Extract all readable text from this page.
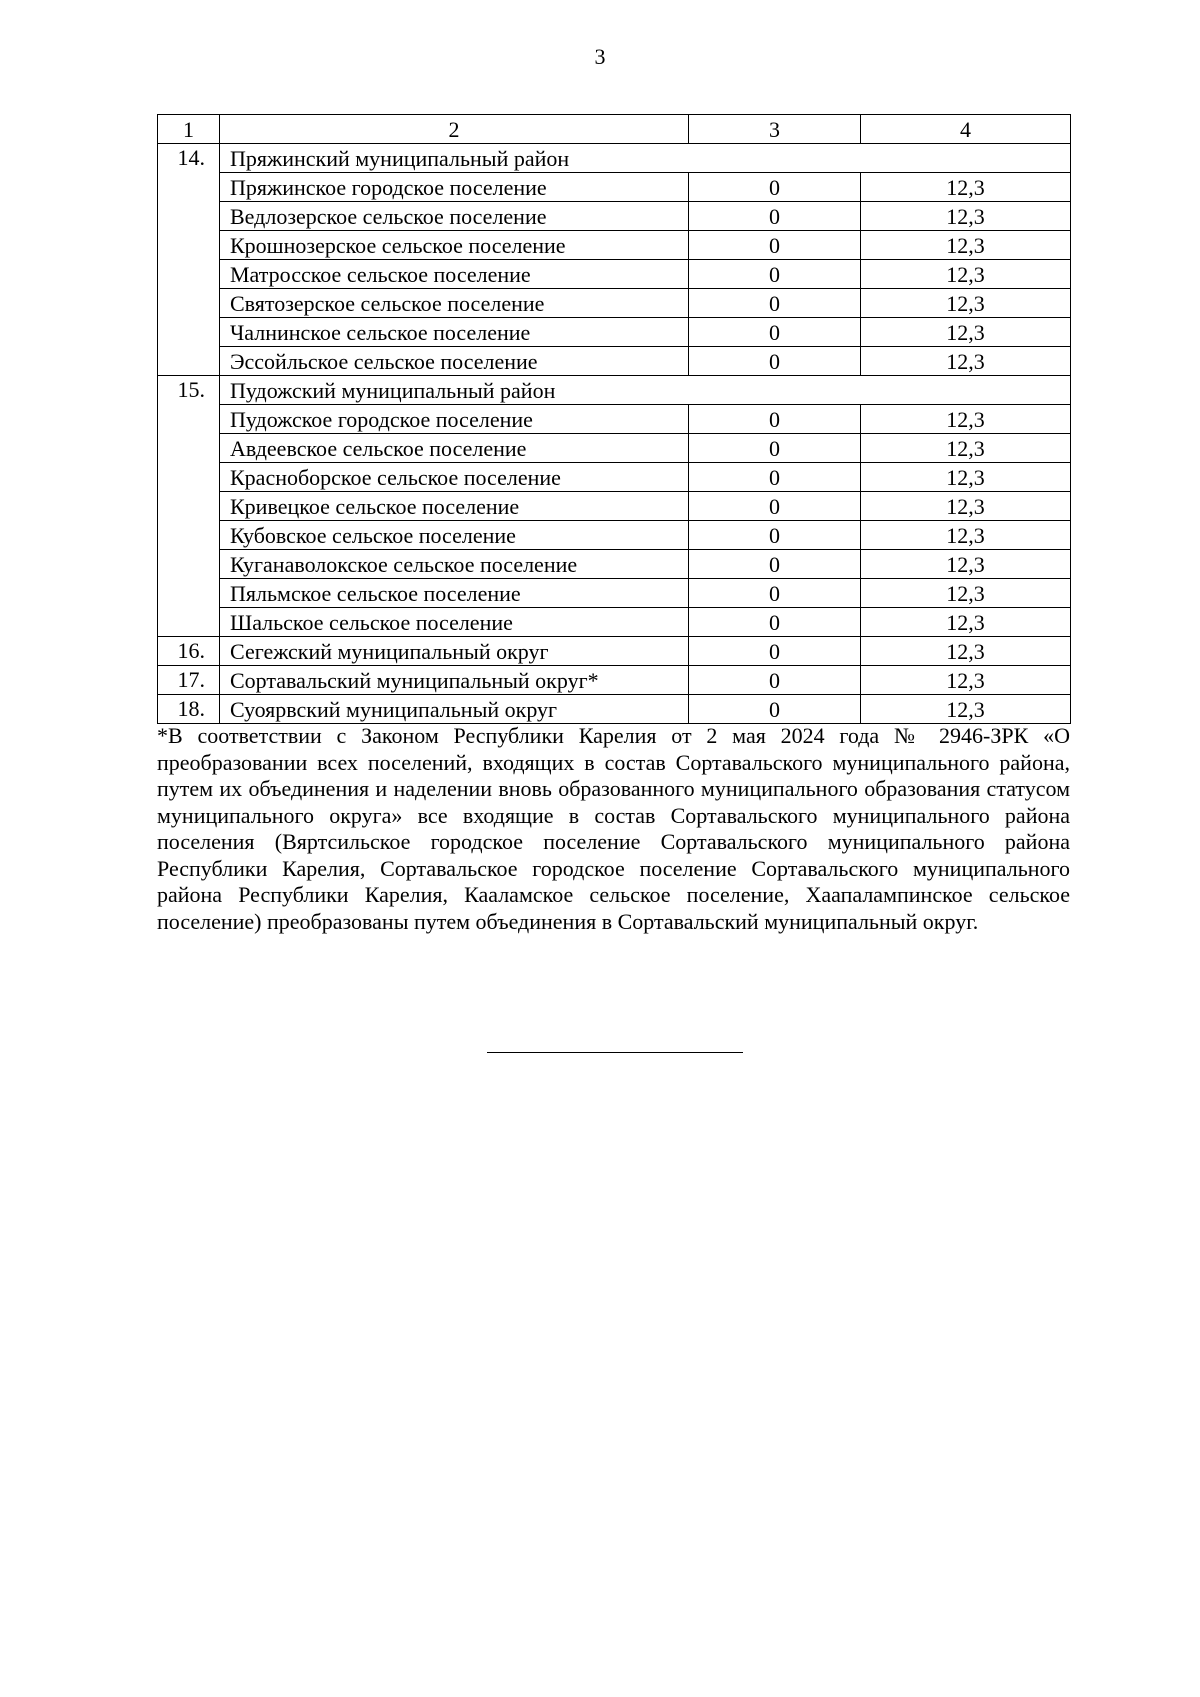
3
1	2	3	4
14.	Пряжинский муниципальный район		
	Пряжинское городское поселение	0	12,3
	Ведлозерское сельское поселение	0	12,3
	Крошнозерское сельское поселение	0	12,3
	Матросское сельское поселение	0	12,3
	Святозерское сельское поселение	0	12,3
	Чалнинское сельское поселение	0	12,3
	Эссойльское сельское поселение	0	12,3
15.	Пудожский муниципальный район		
	Пудожское городское поселение	0	12,3
	Авдеевское сельское поселение	0	12,3
	Красноборское сельское поселение	0	12,3
	Кривецкое сельское поселение	0	12,3
	Кубовское сельское поселение	0	12,3
	Куганаволокское сельское поселение	0	12,3
	Пяльмское сельское поселение	0	12,3
	Шальское сельское поселение	0	12,3
16.	Сегежский муниципальный округ	0	12,3
17.	Сортавальский муниципальный округ*	0	12,3
18.	Суоярвский муниципальный округ	0	12,3

*В соответствии с Законом Республики Карелия от 2 мая 2024 года № 2946-ЗРК «О преобразовании всех поселений, входящих в состав Сортавальского муниципального района, путем их объединения и наделении вновь образованного муниципального образования статусом муниципального округа» все входящие в состав Сортавальского муниципального района поселения (Вяртсильское городское поселение Сортавальского муниципального района Республики Карелия, Сортавальское городское поселение Сортавальского муниципального района Республики Карелия, Кааламское сельское поселение, Хаапалампинское сельское поселение) преобразованы путем объединения в Сортавальский муниципальный округ.
